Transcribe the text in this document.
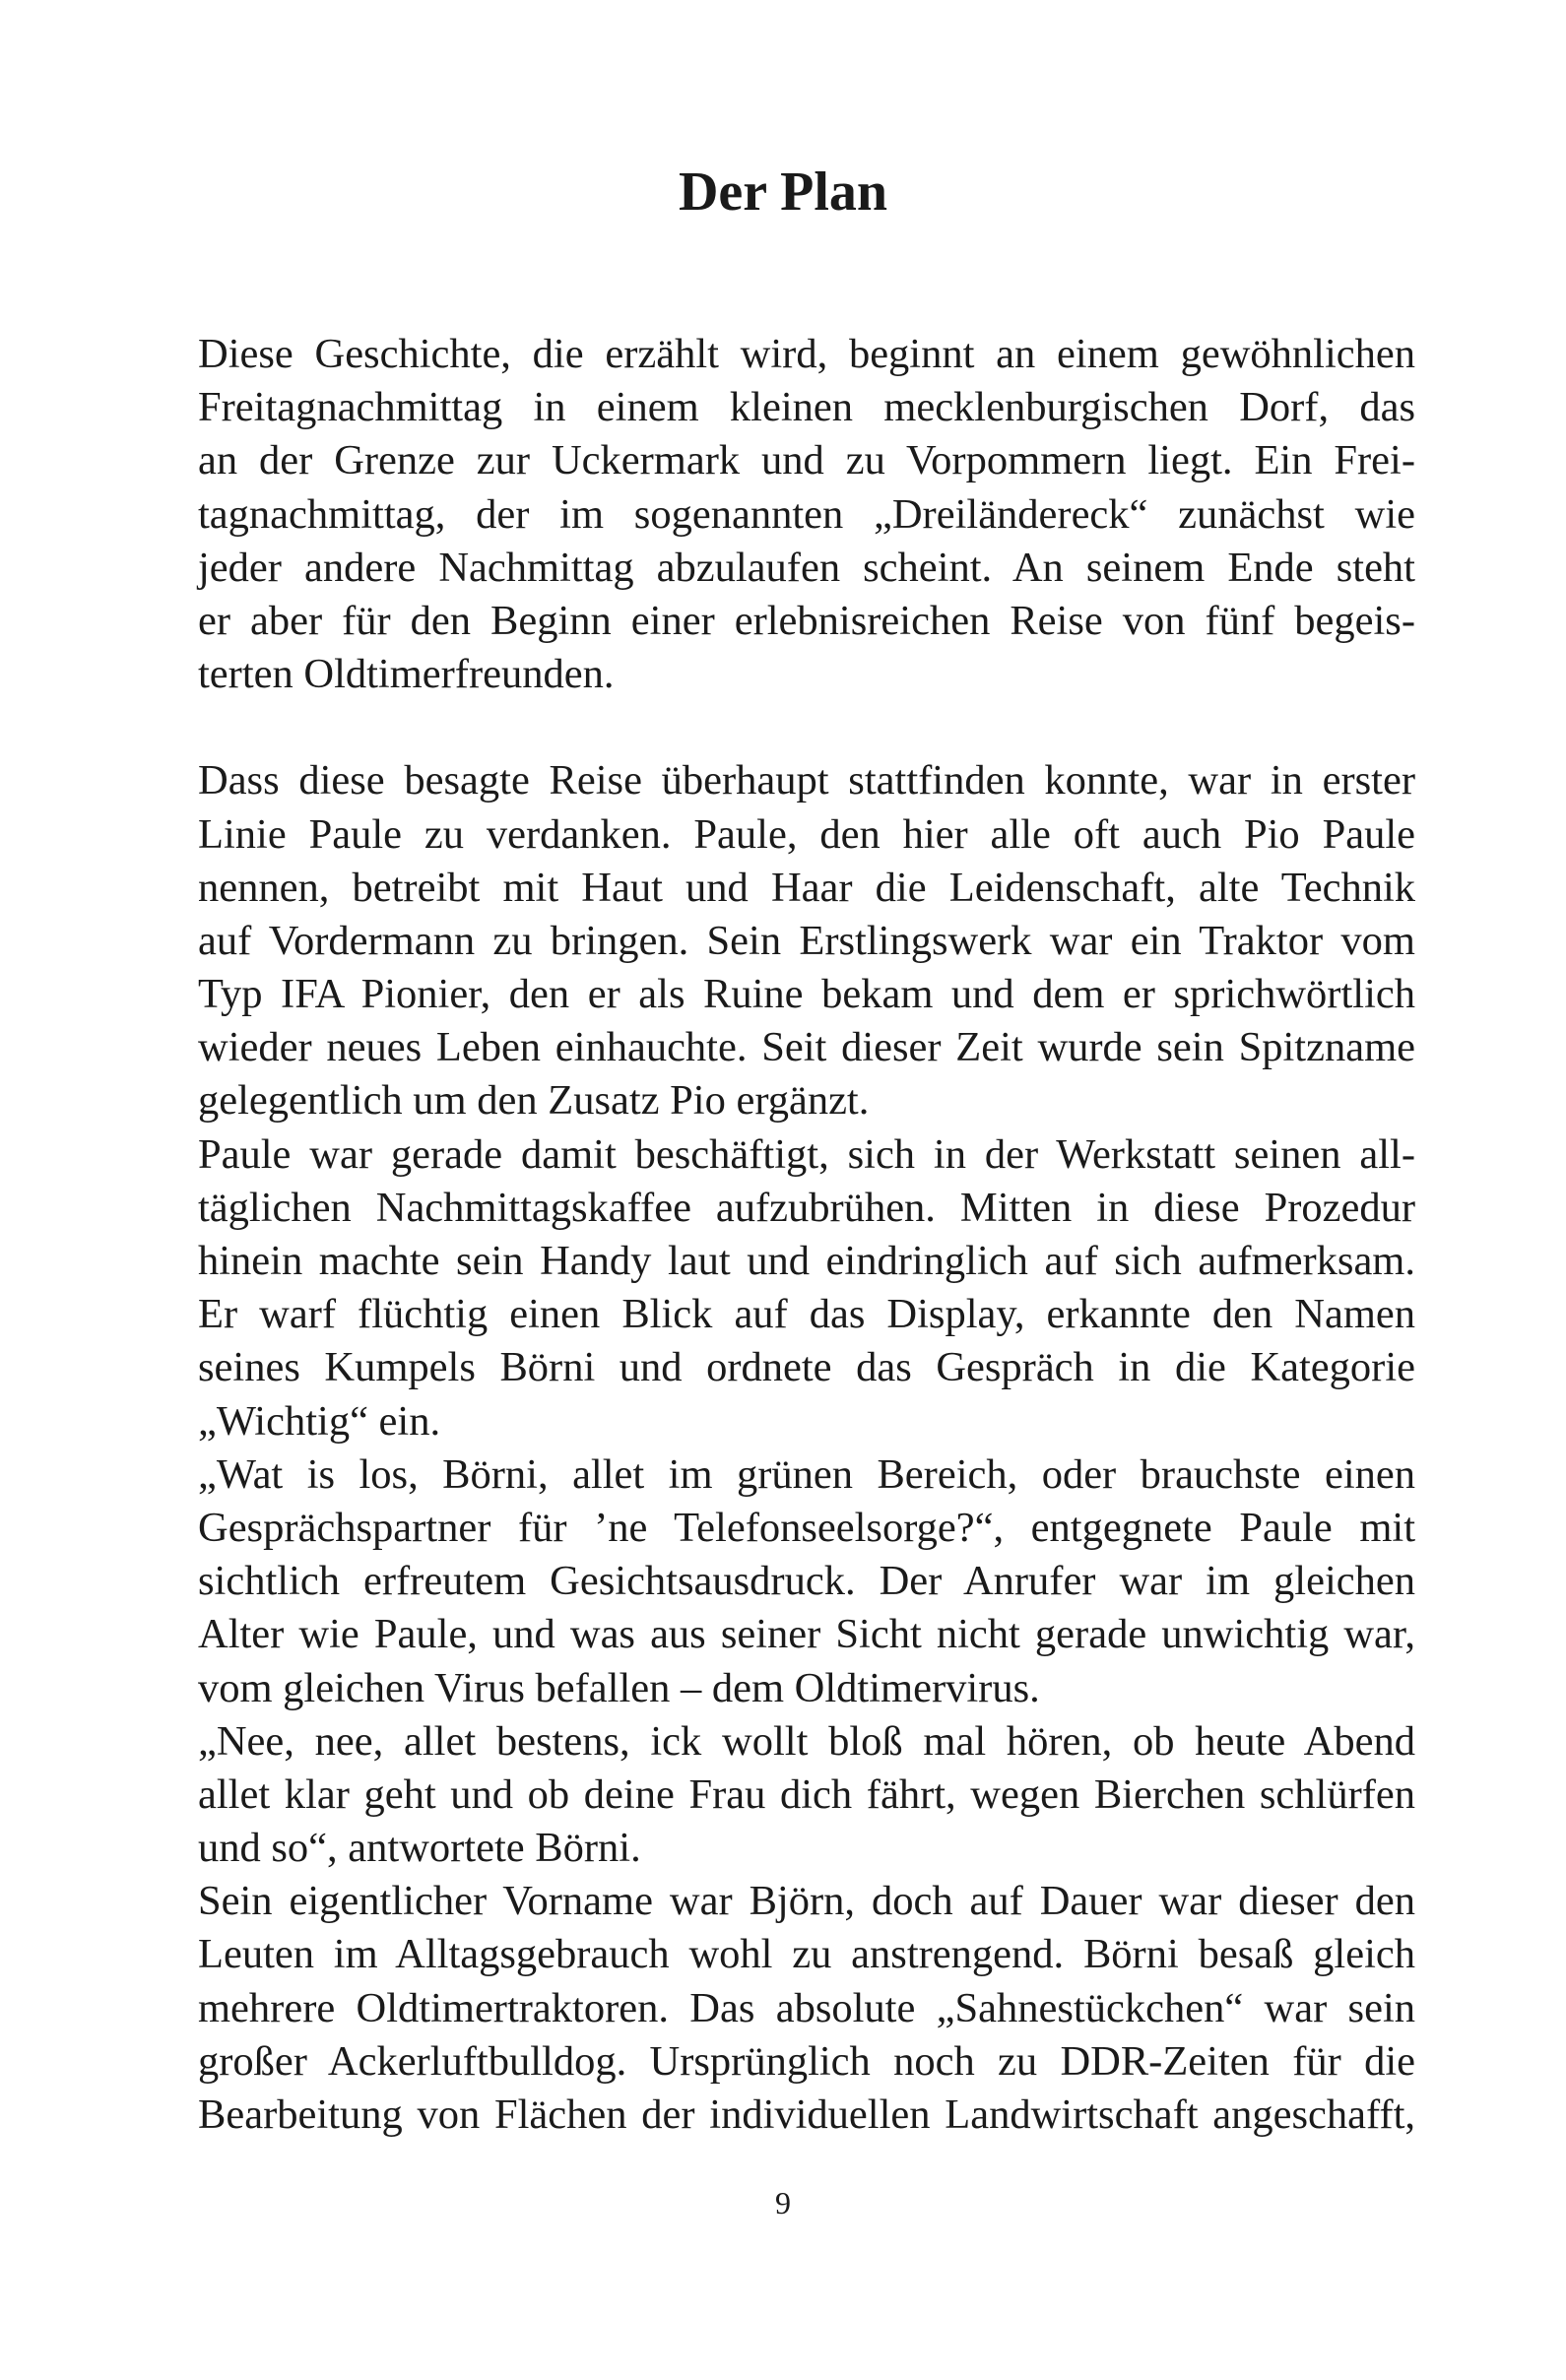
Der Plan
Diese Geschichte, die erzählt wird, beginnt an einem gewöhnlichen
Freitagnachmittag in einem kleinen mecklenburgischen Dorf, das
an der Grenze zur Uckermark und zu Vorpommern liegt. Ein Frei-
tagnachmittag, der im sogenannten „Dreiländereck“ zunächst wie
jeder andere Nachmittag abzulaufen scheint. An seinem Ende steht
er aber für den Beginn einer erlebnisreichen Reise von fünf begeis-
terten Oldtimerfreunden.
Dass diese besagte Reise überhaupt stattfinden konnte, war in erster
Linie Paule zu verdanken. Paule, den hier alle oft auch Pio Paule
nennen, betreibt mit Haut und Haar die Leidenschaft, alte Technik
auf Vordermann zu bringen. Sein Erstlingswerk war ein Traktor vom
Typ IFA Pionier, den er als Ruine bekam und dem er sprichwörtlich
wieder neues Leben einhauchte. Seit dieser Zeit wurde sein Spitzname
gelegentlich um den Zusatz Pio ergänzt.
Paule war gerade damit beschäftigt, sich in der Werkstatt seinen all-
täglichen Nachmittagskaffee aufzubrühen. Mitten in diese Prozedur
hinein machte sein Handy laut und eindringlich auf sich aufmerksam.
Er warf flüchtig einen Blick auf das Display, erkannte den Namen
seines Kumpels Börni und ordnete das Gespräch in die Kategorie
„Wichtig“ ein.
„Wat is los, Börni, allet im grünen Bereich, oder brauchste einen
Gesprächspartner für ’ne Telefonseelsorge?“, entgegnete Paule mit
sichtlich erfreutem Gesichtsausdruck. Der Anrufer war im gleichen
Alter wie Paule, und was aus seiner Sicht nicht gerade unwichtig war,
vom gleichen Virus befallen – dem Oldtimervirus.
„Nee, nee, allet bestens, ick wollt bloß mal hören, ob heute Abend
allet klar geht und ob deine Frau dich fährt, wegen Bierchen schlürfen
und so“, antwortete Börni.
Sein eigentlicher Vorname war Björn, doch auf Dauer war dieser den
Leuten im Alltagsgebrauch wohl zu anstrengend. Börni besaß gleich
mehrere Oldtimertraktoren. Das absolute „Sahnestückchen“ war sein
großer Ackerluftbulldog. Ursprünglich noch zu DDR-Zeiten für die
Bearbeitung von Flächen der individuellen Landwirtschaft angeschafft,
9
